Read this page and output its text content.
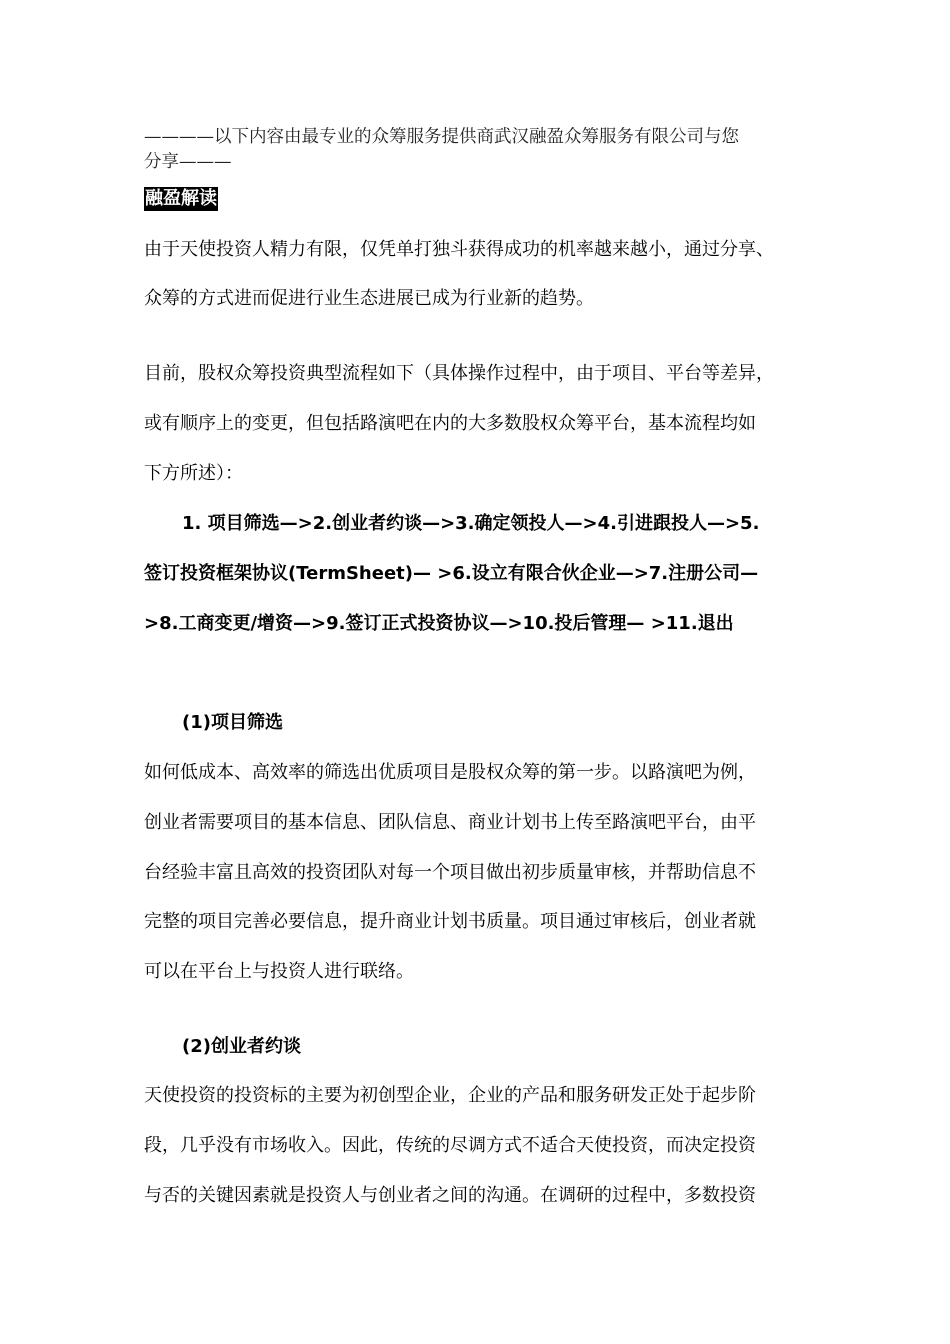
————以下内容由最专业的众筹服务提供商武汉融盈众筹服务有限公司与您
分享———
融盈解读
由于天使投资人精力有限，仅凭单打独斗获得成功的机率越来越小，通过分享、
众筹的方式进而促进行业生态进展已成为行业新的趋势。
目前，股权众筹投资典型流程如下（具体操作过程中，由于项目、平台等差异，
或有顺序上的变更，但包括路演吧在内的大多数股权众筹平台，基本流程均如
下方所述）：
1. 项目筛选—>2.创业者约谈—>3.确定领投人—>4.引进跟投人—>5.
签订投资框架协议(TermSheet)— >6.设立有限合伙企业—>7.注册公司—
>8.工商变更/增资—>9.签订正式投资协议—>10.投后管理— >11.退出
(1)项目筛选
如何低成本、高效率的筛选出优质项目是股权众筹的第一步。以路演吧为例，
创业者需要项目的基本信息、团队信息、商业计划书上传至路演吧平台，由平
台经验丰富且高效的投资团队对每一个项目做出初步质量审核，并帮助信息不
完整的项目完善必要信息，提升商业计划书质量。项目通过审核后，创业者就
可以在平台上与投资人进行联络。
(2)创业者约谈
天使投资的投资标的主要为初创型企业，企业的产品和服务研发正处于起步阶
段，几乎没有市场收入。因此，传统的尽调方式不适合天使投资，而决定投资
与否的关键因素就是投资人与创业者之间的沟通。在调研的过程中，多数投资
